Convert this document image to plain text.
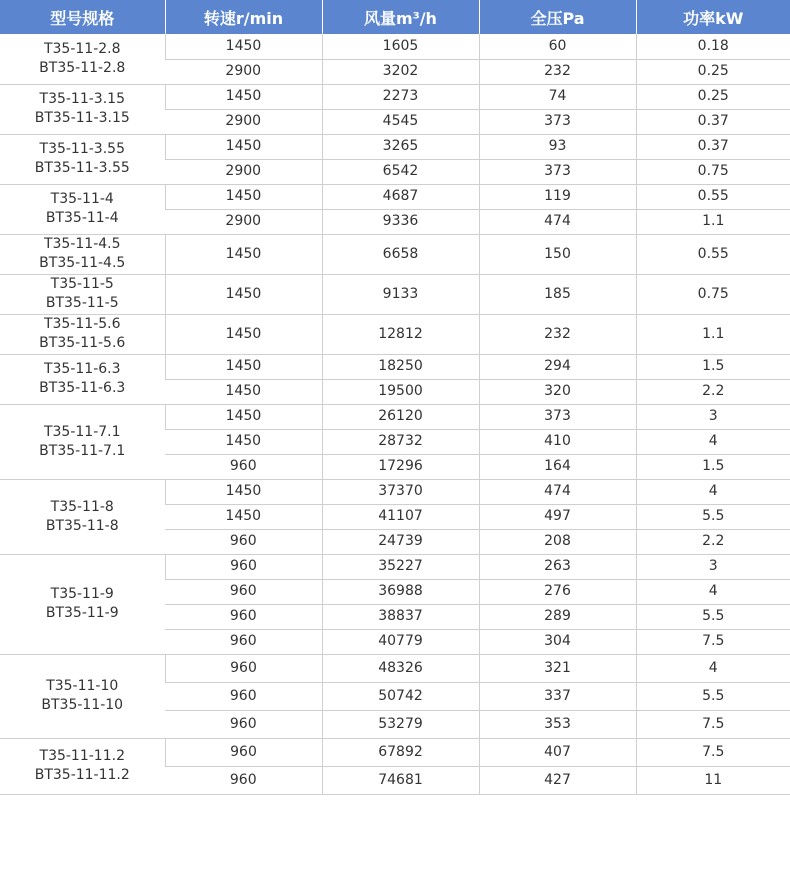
型号规格	转速r/min	风量m³/h	全压Pa	功率kW

T35-11-2.8
BT35-11-2.8	1450	1605	60	0.18
	2900	3202	232	0.25

T35-11-3.15
BT35-11-3.15	1450	2273	74	0.25
	2900	4545	373	0.37

T35-11-3.55
BT35-11-3.55	1450	3265	93	0.37
	2900	6542	373	0.75

T35-11-4
BT35-11-4	1450	4687	119	0.55
	2900	9336	474	1.1

T35-11-4.5
BT35-11-4.5	1450	6658	150	0.55

T35-11-5
BT35-11-5	1450	9133	185	0.75

T35-11-5.6
BT35-11-5.6	1450	12812	232	1.1

T35-11-6.3
BT35-11-6.3	1450	18250	294	1.5
	1450	19500	320	2.2

T35-11-7.1
BT35-11-7.1	1450	26120	373	3
	1450	28732	410	4
	960	17296	164	1.5

T35-11-8
BT35-11-8	1450	37370	474	4
	1450	41107	497	5.5
	960	24739	208	2.2

T35-11-9
BT35-11-9	960	35227	263	3
	960	36988	276	4
	960	38837	289	5.5
	960	40779	304	7.5

T35-11-10
BT35-11-10	960	48326	321	4
	960	50742	337	5.5
	960	53279	353	7.5

T35-11-11.2
BT35-11-11.2	960	67892	407	7.5
	960	74681	427	11
